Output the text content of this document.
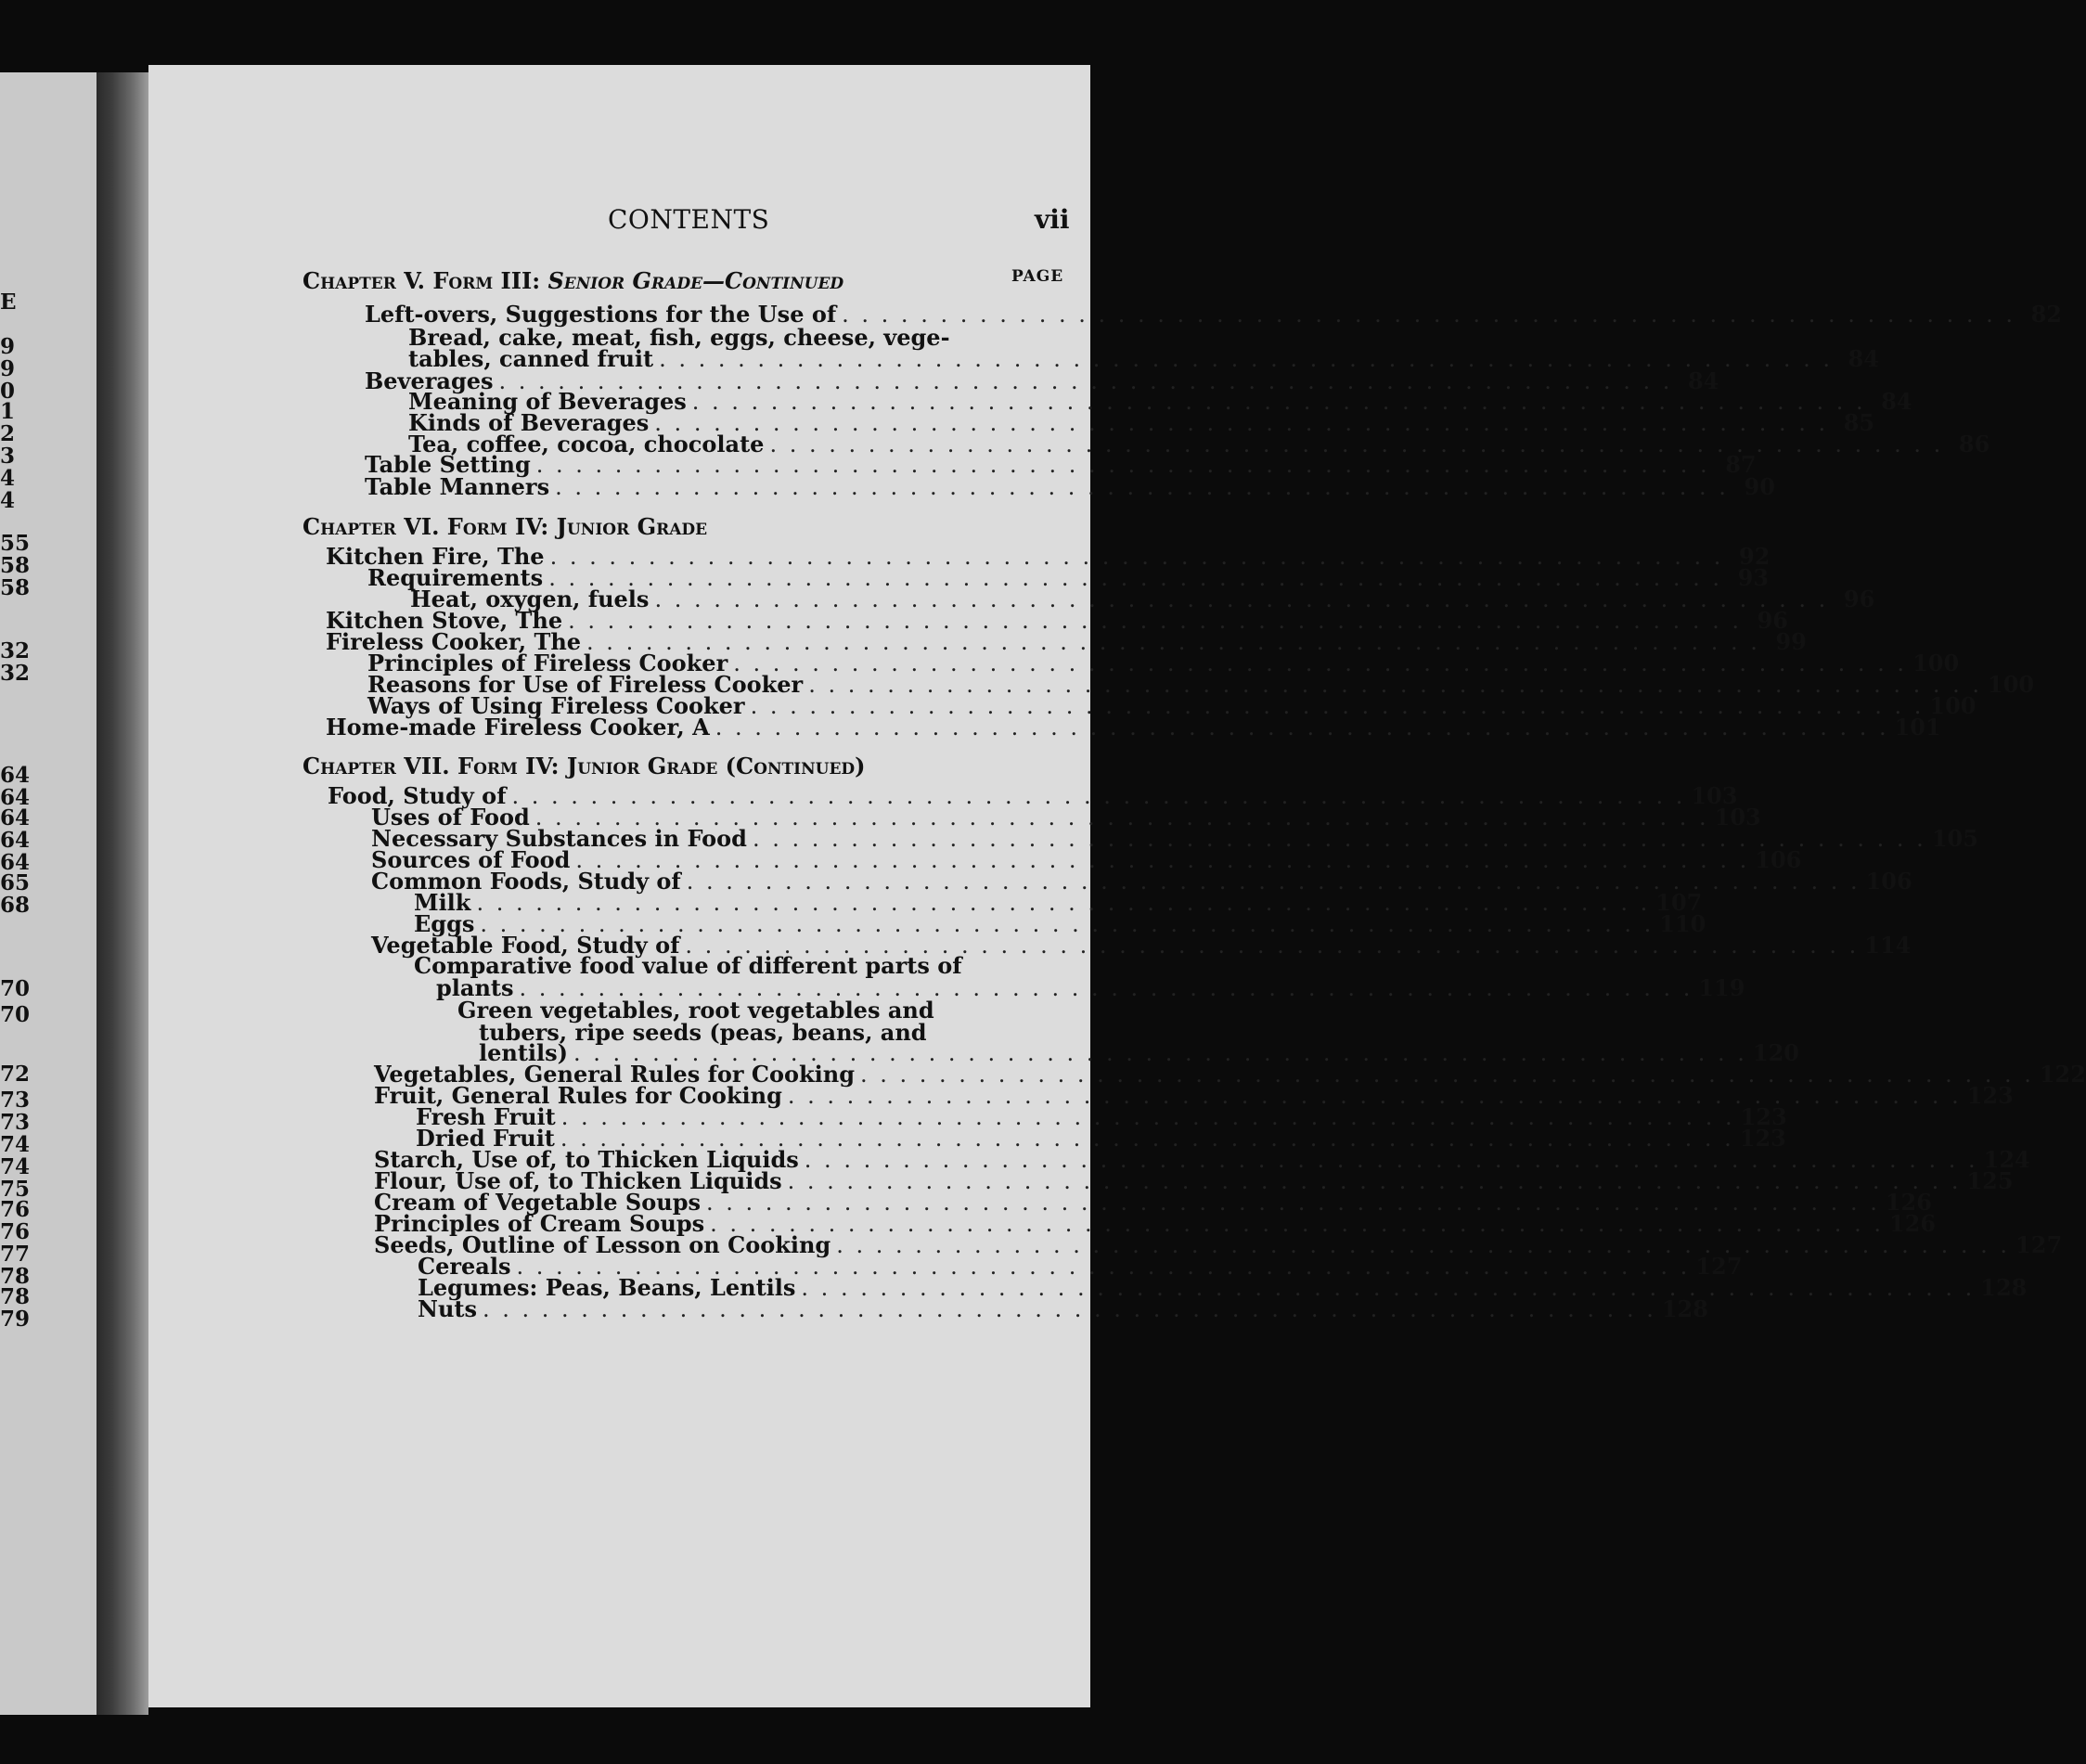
9
9
0
1
2
3
4
4
55
58
58
32
32
64
64
64
64
64
65
68
70
70
72
73
73
74
74
75
76
76
77
78
78
79
E
CONTENTS	vii
PAGE
Chapter V. Form III: Senior Grade—Continued
Chapter VI. Form IV: Junior Grade
Chapter VII. Form IV: Junior Grade (Continued)
Left-overs, Suggestions for the Use of . . . . . . . . . . . . . . . . . . . . . . . . . . . . . . . . . . . . . . . . . . . . . . . . . . . . . . . . . . . . 82
Bread, cake, meat, fish, eggs, cheese, vege-
tables, canned fruit . . . . . . . . . . . . . . . . . . . . . . . . . . . . . . . . . . . . . . . . . . . . . . . . . . . . . . . . . . . . 84
Beverages . . . . . . . . . . . . . . . . . . . . . . . . . . . . . . . . . . . . . . . . . . . . . . . . . . . . . . . . . . . . 84
Meaning of Beverages . . . . . . . . . . . . . . . . . . . . . . . . . . . . . . . . . . . . . . . . . . . . . . . . . . . . . . . . . . . . 84
Kinds of Beverages . . . . . . . . . . . . . . . . . . . . . . . . . . . . . . . . . . . . . . . . . . . . . . . . . . . . . . . . . . . . 85
Tea, coffee, cocoa, chocolate . . . . . . . . . . . . . . . . . . . . . . . . . . . . . . . . . . . . . . . . . . . . . . . . . . . . . . . . . . . . 86
Table Setting . . . . . . . . . . . . . . . . . . . . . . . . . . . . . . . . . . . . . . . . . . . . . . . . . . . . . . . . . . . . 87
Table Manners . . . . . . . . . . . . . . . . . . . . . . . . . . . . . . . . . . . . . . . . . . . . . . . . . . . . . . . . . . . . 90
Kitchen Fire, The . . . . . . . . . . . . . . . . . . . . . . . . . . . . . . . . . . . . . . . . . . . . . . . . . . . . . . . . . . . . 92
Requirements . . . . . . . . . . . . . . . . . . . . . . . . . . . . . . . . . . . . . . . . . . . . . . . . . . . . . . . . . . . . 93
Heat, oxygen, fuels . . . . . . . . . . . . . . . . . . . . . . . . . . . . . . . . . . . . . . . . . . . . . . . . . . . . . . . . . . . . 96
Kitchen Stove, The . . . . . . . . . . . . . . . . . . . . . . . . . . . . . . . . . . . . . . . . . . . . . . . . . . . . . . . . . . . . 96
Fireless Cooker, The . . . . . . . . . . . . . . . . . . . . . . . . . . . . . . . . . . . . . . . . . . . . . . . . . . . . . . . . . . . . 99
Principles of Fireless Cooker . . . . . . . . . . . . . . . . . . . . . . . . . . . . . . . . . . . . . . . . . . . . . . . . . . . . . . . . . . . . 100
Reasons for Use of Fireless Cooker . . . . . . . . . . . . . . . . . . . . . . . . . . . . . . . . . . . . . . . . . . . . . . . . . . . . . . . . . . . . 100
Ways of Using Fireless Cooker . . . . . . . . . . . . . . . . . . . . . . . . . . . . . . . . . . . . . . . . . . . . . . . . . . . . . . . . . . . . 100
Home-made Fireless Cooker, A . . . . . . . . . . . . . . . . . . . . . . . . . . . . . . . . . . . . . . . . . . . . . . . . . . . . . . . . . . . . 101
Food, Study of . . . . . . . . . . . . . . . . . . . . . . . . . . . . . . . . . . . . . . . . . . . . . . . . . . . . . . . . . . . . 103
Uses of Food . . . . . . . . . . . . . . . . . . . . . . . . . . . . . . . . . . . . . . . . . . . . . . . . . . . . . . . . . . . . 103
Necessary Substances in Food . . . . . . . . . . . . . . . . . . . . . . . . . . . . . . . . . . . . . . . . . . . . . . . . . . . . . . . . . . . . 105
Sources of Food . . . . . . . . . . . . . . . . . . . . . . . . . . . . . . . . . . . . . . . . . . . . . . . . . . . . . . . . . . . . 106
Common Foods, Study of . . . . . . . . . . . . . . . . . . . . . . . . . . . . . . . . . . . . . . . . . . . . . . . . . . . . . . . . . . . . 106
Milk . . . . . . . . . . . . . . . . . . . . . . . . . . . . . . . . . . . . . . . . . . . . . . . . . . . . . . . . . . . . 107
Eggs . . . . . . . . . . . . . . . . . . . . . . . . . . . . . . . . . . . . . . . . . . . . . . . . . . . . . . . . . . . . 110
Vegetable Food, Study of . . . . . . . . . . . . . . . . . . . . . . . . . . . . . . . . . . . . . . . . . . . . . . . . . . . . . . . . . . . . 114
Comparative food value of different parts of
plants . . . . . . . . . . . . . . . . . . . . . . . . . . . . . . . . . . . . . . . . . . . . . . . . . . . . . . . . . . . . 119
Green vegetables, root vegetables and
tubers, ripe seeds (peas, beans, and
lentils) . . . . . . . . . . . . . . . . . . . . . . . . . . . . . . . . . . . . . . . . . . . . . . . . . . . . . . . . . . . . 120
Vegetables, General Rules for Cooking . . . . . . . . . . . . . . . . . . . . . . . . . . . . . . . . . . . . . . . . . . . . . . . . . . . . . . . . . . . . 122
Fruit, General Rules for Cooking . . . . . . . . . . . . . . . . . . . . . . . . . . . . . . . . . . . . . . . . . . . . . . . . . . . . . . . . . . . . 123
Fresh Fruit . . . . . . . . . . . . . . . . . . . . . . . . . . . . . . . . . . . . . . . . . . . . . . . . . . . . . . . . . . . . 123
Dried Fruit . . . . . . . . . . . . . . . . . . . . . . . . . . . . . . . . . . . . . . . . . . . . . . . . . . . . . . . . . . . . 123
Starch, Use of, to Thicken Liquids . . . . . . . . . . . . . . . . . . . . . . . . . . . . . . . . . . . . . . . . . . . . . . . . . . . . . . . . . . . . 124
Flour, Use of, to Thicken Liquids . . . . . . . . . . . . . . . . . . . . . . . . . . . . . . . . . . . . . . . . . . . . . . . . . . . . . . . . . . . . 125
Cream of Vegetable Soups . . . . . . . . . . . . . . . . . . . . . . . . . . . . . . . . . . . . . . . . . . . . . . . . . . . . . . . . . . . . 126
Principles of Cream Soups . . . . . . . . . . . . . . . . . . . . . . . . . . . . . . . . . . . . . . . . . . . . . . . . . . . . . . . . . . . . 126
Seeds, Outline of Lesson on Cooking . . . . . . . . . . . . . . . . . . . . . . . . . . . . . . . . . . . . . . . . . . . . . . . . . . . . . . . . . . . . 127
Cereals . . . . . . . . . . . . . . . . . . . . . . . . . . . . . . . . . . . . . . . . . . . . . . . . . . . . . . . . . . . . 127
Legumes: Peas, Beans, Lentils . . . . . . . . . . . . . . . . . . . . . . . . . . . . . . . . . . . . . . . . . . . . . . . . . . . . . . . . . . . . 128
Nuts . . . . . . . . . . . . . . . . . . . . . . . . . . . . . . . . . . . . . . . . . . . . . . . . . . . . . . . . . . . . 128
